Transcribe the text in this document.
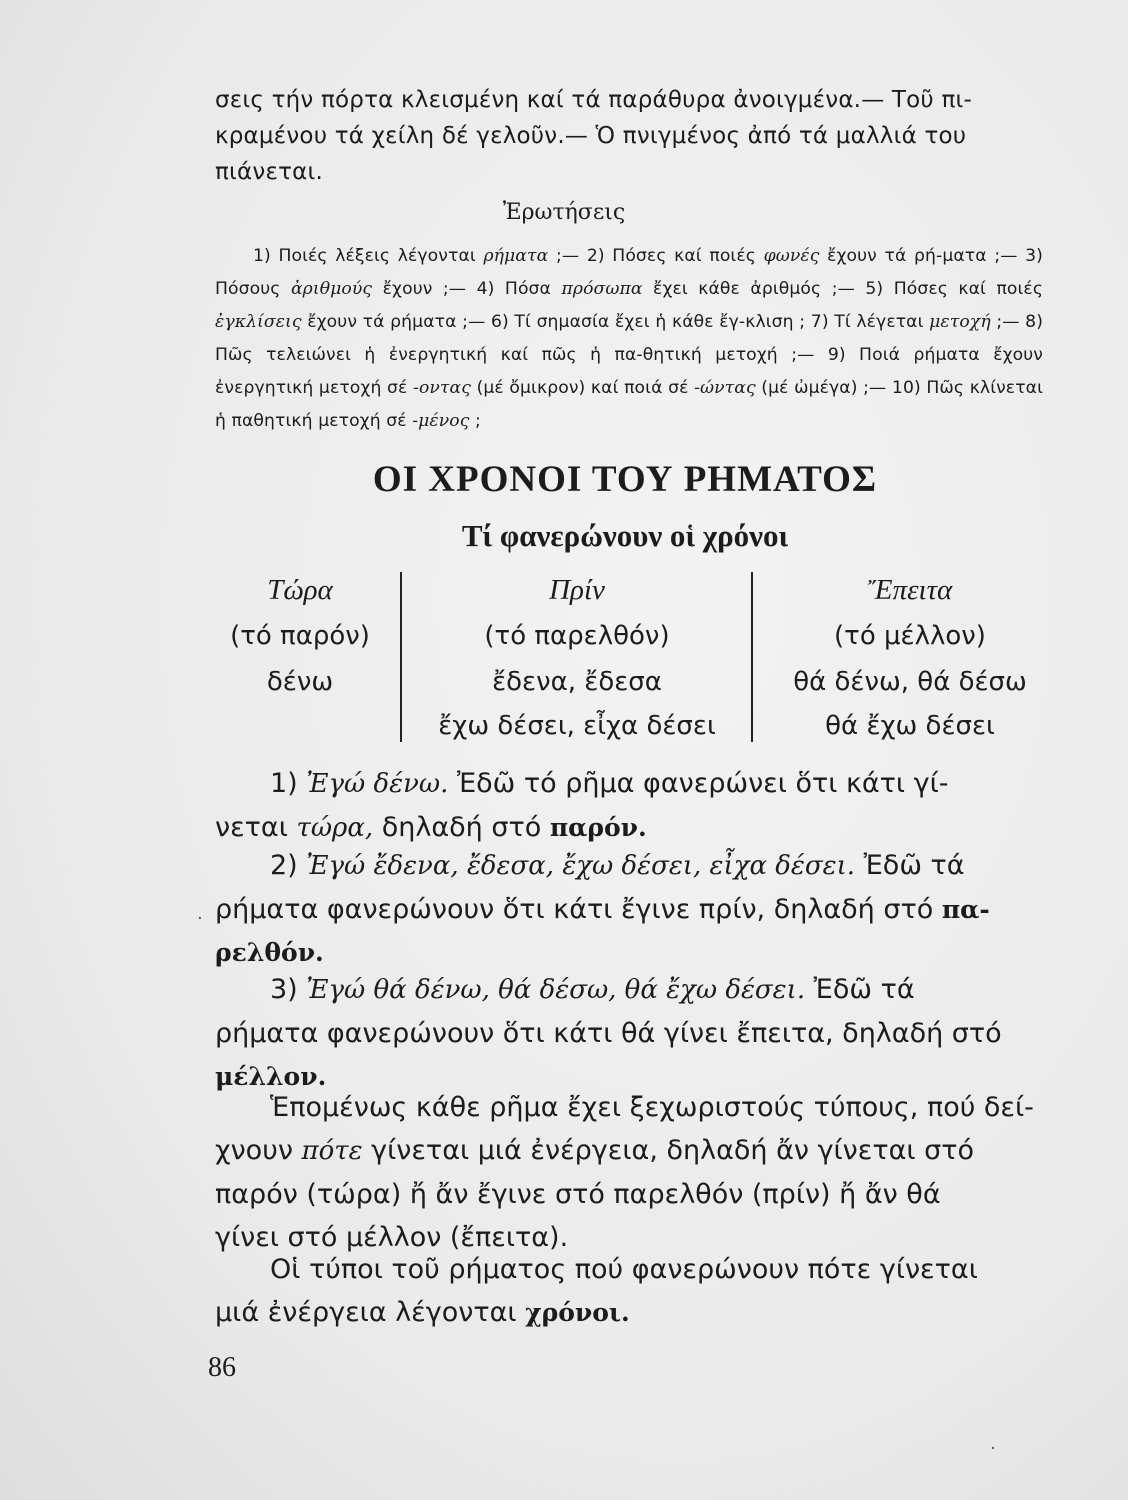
σεις τήν πόρτα κλεισμένη καί τά παράθυρα ἀνοιγμένα.— Τοῦ πι-
κραμένου τά χείλη δέ γελοῦν.— Ὁ πνιγμένος ἀπό τά μαλλιά του
πιάνεται.
Ἐρωτήσεις
1) Ποιές λέξεις λέγονται ρήματα ;— 2) Πόσες καί ποιές φωνές ἔχουν τά ρή-ματα ;— 3) Πόσους ἀριθμούς ἔχουν ;— 4) Πόσα πρόσωπα ἔχει κάθε ἀριθμός ;— 5) Πόσες καί ποιές ἐγκλίσεις ἔχουν τά ρήματα ;— 6) Τί σημασία ἔχει ἡ κάθε ἔγ-κλιση ; 7) Τί λέγεται μετοχή ;— 8) Πῶς τελειώνει ἡ ἐνεργητική καί πῶς ἡ πα-θητική μετοχή ;— 9) Ποιά ρήματα ἔχουν ἐνεργητική μετοχή σέ -οντας (μέ ὄμικρον) καί ποιά σέ -ώντας (μέ ὠμέγα) ;— 10) Πῶς κλίνεται ἡ παθητική μετοχή σέ -μένος ;
ΟΙ ΧΡΟΝΟΙ ΤΟΥ ΡΗΜΑΤΟΣ
Τί φανερώνουν οἱ χρόνοι
Τώρα
(τό παρόν)
δένω
Πρίν
(τό παρελθόν)
ἔδενα, ἔδεσα
ἔχω δέσει, εἶχα δέσει
Ἔπειτα
(τό μέλλον)
θά δένω, θά δέσω
θά ἔχω δέσει
1) Ἐγώ δένω. Ἐδῶ τό ρῆμα φανερώνει ὅτι κάτι γί-
νεται τώρα, δηλαδή στό παρόν.
2) Ἐγώ ἔδενα, ἔδεσα, ἔχω δέσει, εἶχα δέσει. Ἐδῶ τά
ρήματα φανερώνουν ὅτι κάτι ἔγινε πρίν, δηλαδή στό πα-
ρελθόν.
3) Ἐγώ θά δένω, θά δέσω, θά ἔχω δέσει. Ἐδῶ τά
ρήματα φανερώνουν ὅτι κάτι θά γίνει ἔπειτα, δηλαδή στό
μέλλον.
Ἑπομένως κάθε ρῆμα ἔχει ξεχωριστούς τύπους, πού δεί-
χνουν πότε γίνεται μιά ἐνέργεια, δηλαδή ἄν γίνεται στό
παρόν (τώρα) ἤ ἄν ἔγινε στό παρελθόν (πρίν) ἤ ἄν θά
γίνει στό μέλλον (ἔπειτα).
Οἱ τύποι τοῦ ρήματος πού φανερώνουν πότε γίνεται
μιά ἐνέργεια λέγονται χρόνοι.
86
·
·
